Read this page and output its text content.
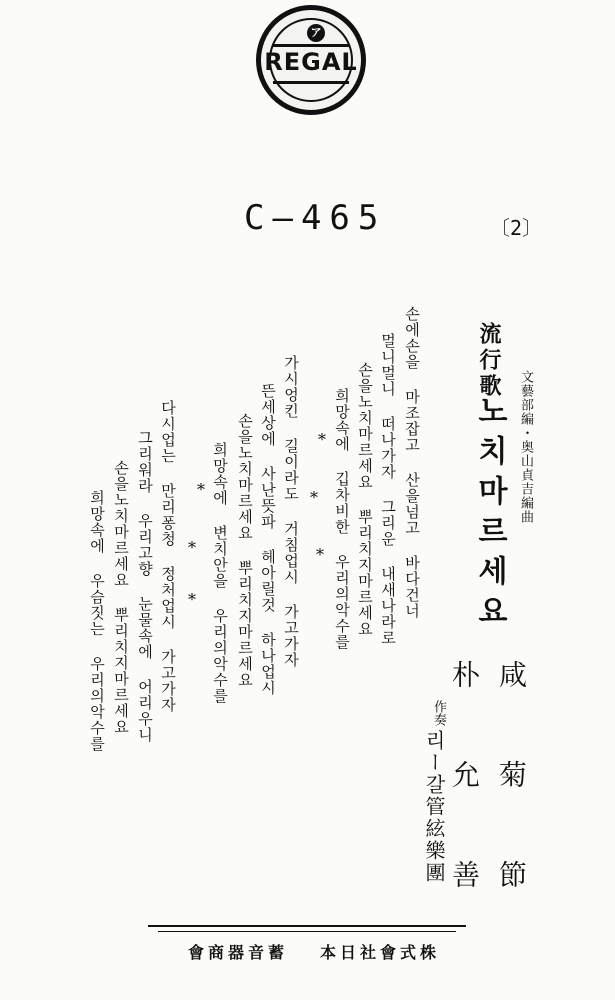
ア
REGAL
C—465	〔2〕
文藝部編・奥山貞吉編曲
流行歌
노치마르세요
咸　菊　節
朴　允　善
作奏
리ー갈管絃樂團
손에손을 마조잡고 산을넘고 바다건너
멀니멀니 떠나가자 그리운 내새나라로
손을노치마르세요 뿌리치지마르세요
희망속에 깁차비한 우리의악수를
*
*
*
가시엉킨 길이라도 거침업시 가고가자
뜬세상에 사난뜻파 헤아릴것 하나업시
손을노치마르세요 뿌리치지마르세요
희망속에 변치안을 우리의악수를
*
*
*
다시업는 만리퐁청 정처업시 가고가자
그리워라 우리고향 눈물속에 어리우니
손을노치마르세요 뿌리치지마르세요
희망속에 우슴짓는 우리의악수를
會商器音蓄 本日社會式株
